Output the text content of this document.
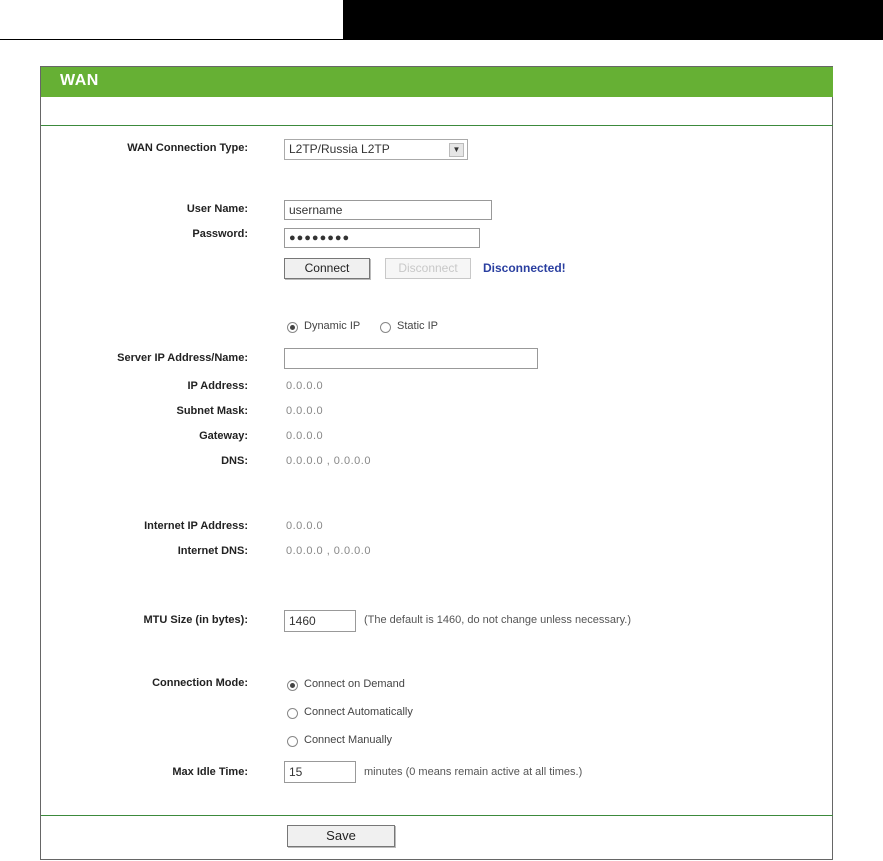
WAN
WAN Connection Type:	L2TP/Russia L2TP	▼
User Name:
username
Password:	●●●●●●●●
Connect	Disconnect	Disconnected!
Dynamic IP	Static IP
Server IP Address/Name:
IP Address:	0.0.0.0
Subnet Mask:	0.0.0.0
Gateway:	0.0.0.0
DNS:	0.0.0.0 , 0.0.0.0
Internet IP Address:	0.0.0.0
Internet DNS:	0.0.0.0 , 0.0.0.0
MTU Size (in bytes):
1460	(The default is 1460, do not change unless necessary.)
Connection Mode:	Connect on Demand
Connect Automatically
Connect Manually
Max Idle Time:
15	minutes (0 means remain active at all times.)
Save
